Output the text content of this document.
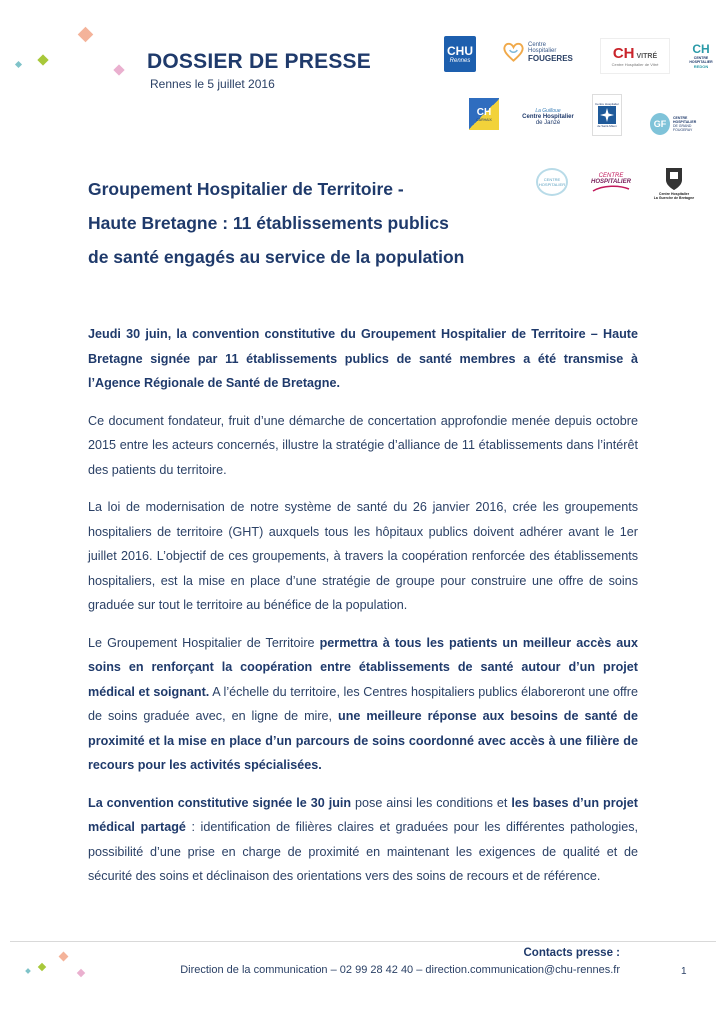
DOSSIER DE PRESSE
Rennes le 5 juillet 2016
CHU
Rennes
Centre Hospitalier
FOUGERES	CH VITRÉ
Centre Hospitalier de Vitré
CH
CENTRE HOSPITALIER
REDON
CH
CARHAIX
La Guilloue
Centre Hospitalier
de Janzé
Centre Hospitalier
de Saint-Méen	GF
CENTRE HOSPITALIER
DE GRAND
FOUGERAY
CENTRE
HOSPITALIER
CENTRE
HOSPITALIER
Centre Hospitalier
La Guerche de Bretagne
Groupement Hospitalier de Territoire -
Haute Bretagne : 11 établissements publics
de santé engagés au service de la population

Jeudi 30 juin, la convention constitutive du Groupement Hospitalier de Territoire – Haute Bretagne signée par 11 établissements publics de santé membres a été transmise à l’Agence Régionale de Santé de Bretagne.

Ce document fondateur, fruit d’une démarche de concertation approfondie menée depuis octobre 2015 entre les acteurs concernés, illustre la stratégie d’alliance de 11 établissements dans l’intérêt des patients du territoire.

La loi de modernisation de notre système de santé du 26 janvier 2016, crée les groupements hospitaliers de territoire (GHT) auxquels tous les hôpitaux publics doivent adhérer avant le 1er juillet 2016. L’objectif de ces groupements, à travers la coopération renforcée des établissements hospitaliers, est la mise en place d’une stratégie de groupe pour construire une offre de soins graduée sur tout le territoire au bénéfice de la population.

Le Groupement Hospitalier de Territoire permettra à tous les patients un meilleur accès aux soins en renforçant la coopération entre établissements de santé autour d’un projet médical et soignant. A l’échelle du territoire, les Centres hospitaliers publics élaboreront une offre de soins graduée avec, en ligne de mire, une meilleure réponse aux besoins de santé de proximité et la mise en place d’un parcours de soins coordonné avec accès à une filière de recours pour les activités spécialisées.

La convention constitutive signée le 30 juin pose ainsi les conditions et les bases d’un projet médical partagé : identification de filières claires et graduées pour les différentes pathologies, possibilité d’une prise en charge de proximité en maintenant les exigences de qualité et de sécurité des soins et déclinaison des orientations vers des soins de recours et de référence.

Contacts presse :
Direction de la communication – 02 99 28 42 40 – direction.communication@chu-rennes.fr	1
